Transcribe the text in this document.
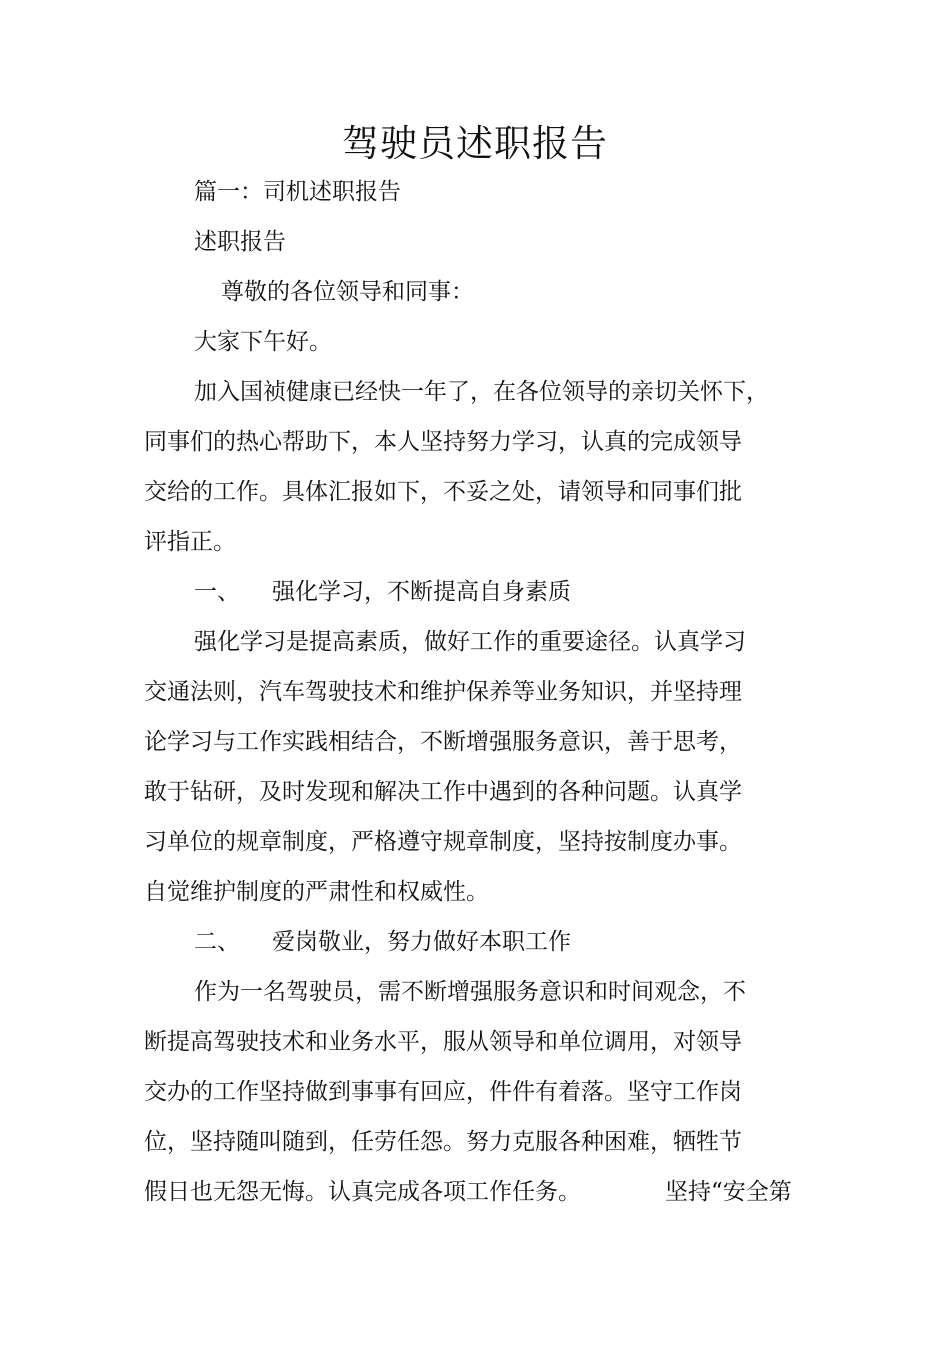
驾驶员述职报告
篇一：司机述职报告
述职报告
尊敬的各位领导和同事：
大家下午好。
加入国祯健康已经快一年了，在各位领导的亲切关怀下，
同事们的热心帮助下，本人坚持努力学习，认真的完成领导
交给的工作。具体汇报如下，不妥之处，请领导和同事们批
评指正。
一、 强化学习，不断提高自身素质
强化学习是提高素质，做好工作的重要途径。认真学习
交通法则，汽车驾驶技术和维护保养等业务知识，并坚持理
论学习与工作实践相结合，不断增强服务意识，善于思考，
敢于钻研，及时发现和解决工作中遇到的各种问题。认真学
习单位的规章制度，严格遵守规章制度，坚持按制度办事。
自觉维护制度的严肃性和权威性。
二、 爱岗敬业，努力做好本职工作
作为一名驾驶员，需不断增强服务意识和时间观念，不
断提高驾驶技术和业务水平，服从领导和单位调用，对领导
交办的工作坚持做到事事有回应，件件有着落。坚守工作岗
位，坚持随叫随到，任劳任怨。努力克服各种困难，牺牲节
假日也无怨无悔。认真完成各项工作任务。	坚持“安全第
